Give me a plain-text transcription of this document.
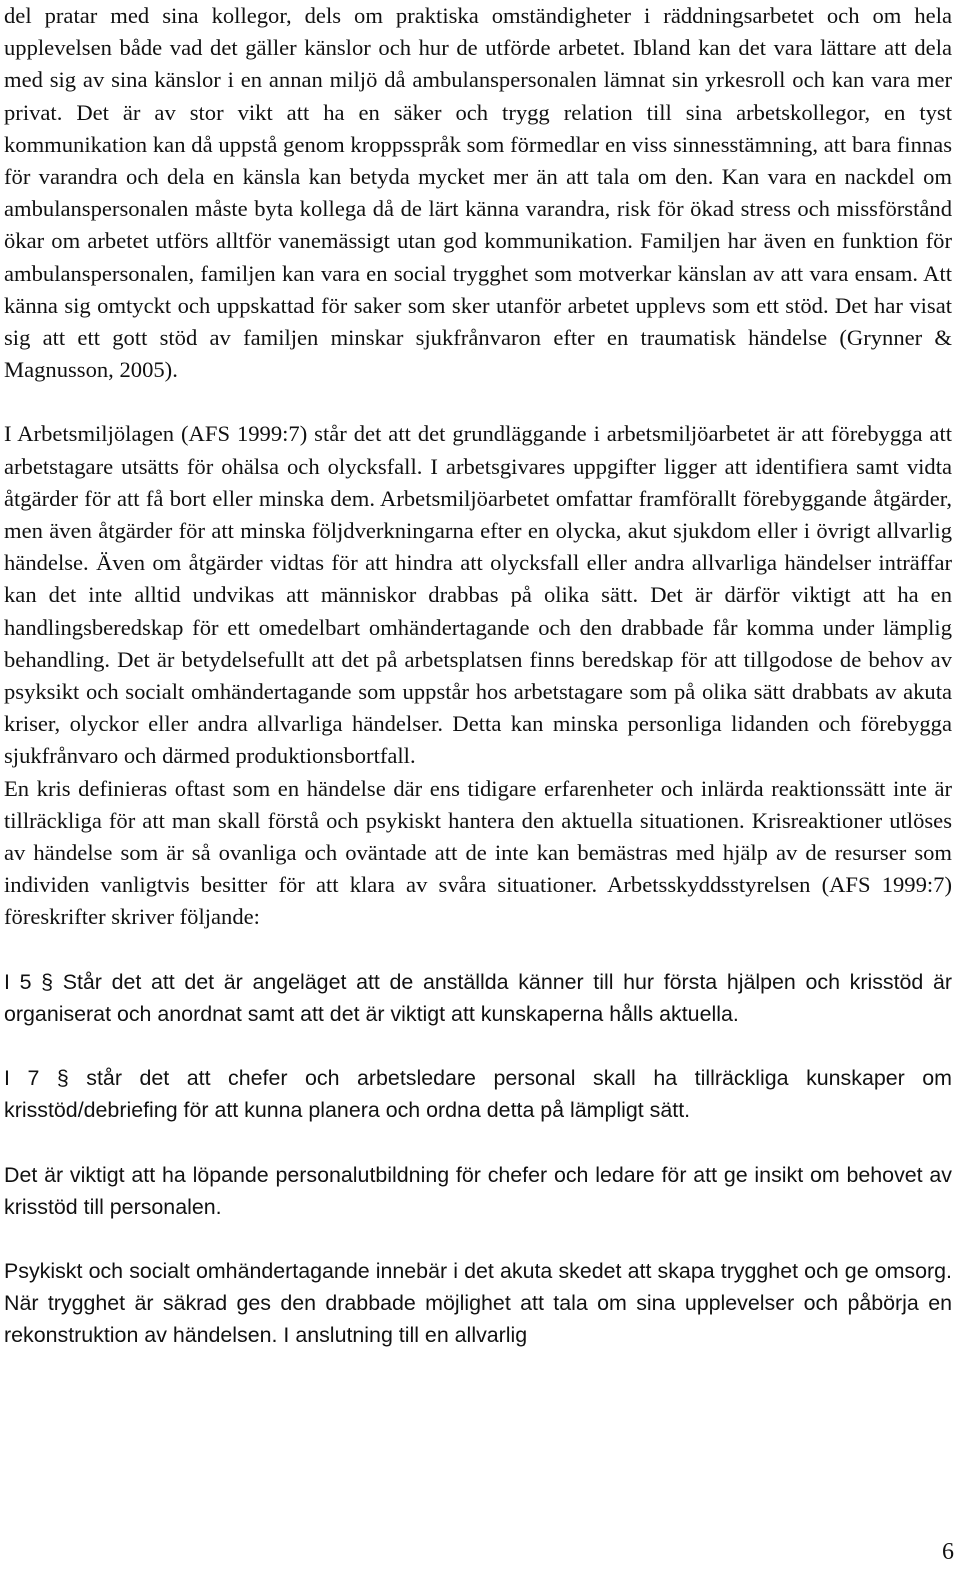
del pratar med sina kollegor, dels om praktiska omständigheter i räddningsarbetet och om hela upplevelsen både vad det gäller känslor och hur de utförde arbetet. Ibland kan det vara lättare att dela med sig av sina känslor i en annan miljö då ambulanspersonalen lämnat sin yrkesroll och kan vara mer privat. Det är av stor vikt att ha en säker och trygg relation till sina arbetskollegor, en tyst kommunikation kan då uppstå genom kroppsspråk som förmedlar en viss sinnesstämning, att bara finnas för varandra och dela en känsla kan betyda mycket mer än att tala om den. Kan vara en nackdel om ambulanspersonalen måste byta kollega då de lärt känna varandra, risk för ökad stress och missförstånd ökar om arbetet utförs alltför vanemässigt utan god kommunikation. Familjen har även en funktion för ambulanspersonalen, familjen kan vara en social trygghet som motverkar känslan av att vara ensam. Att känna sig omtyckt och uppskattad för saker som sker utanför arbetet upplevs som ett stöd. Det har visat sig att ett gott stöd av familjen minskar sjukfrånvaron efter en traumatisk händelse (Grynner & Magnusson, 2005).

I Arbetsmiljölagen (AFS 1999:7) står det att det grundläggande i arbetsmiljöarbetet är att förebygga att arbetstagare utsätts för ohälsa och olycksfall. I arbetsgivares uppgifter ligger att identifiera samt vidta åtgärder för att få bort eller minska dem. Arbetsmiljöarbetet omfattar framförallt förebyggande åtgärder, men även åtgärder för att minska följdverkningarna efter en olycka, akut sjukdom eller i övrigt allvarlig händelse. Även om åtgärder vidtas för att hindra att olycksfall eller andra allvarliga händelser inträffar kan det inte alltid undvikas att människor drabbas på olika sätt. Det är därför viktigt att ha en handlingsberedskap för ett omedelbart omhändertagande och den drabbade får komma under lämplig behandling. Det är betydelsefullt att det på arbetsplatsen finns beredskap för att tillgodose de behov av psyksikt och socialt omhändertagande som uppstår hos arbetstagare som på olika sätt drabbats av akuta kriser, olyckor eller andra allvarliga händelser. Detta kan minska personliga lidanden och förebygga sjukfrånvaro och därmed produktionsbortfall.

En kris definieras oftast som en händelse där ens tidigare erfarenheter och inlärda reaktionssätt inte är tillräckliga för att man skall förstå och psykiskt hantera den aktuella situationen. Krisreaktioner utlöses av händelse som är så ovanliga och oväntade att de inte kan bemästras med hjälp av de resurser som individen vanligtvis besitter för att klara av svåra situationer. Arbetsskyddsstyrelsen (AFS 1999:7) föreskrifter skriver följande:

I 5 § Står det att det är angeläget att de anställda känner till hur första hjälpen och krisstöd är organiserat och anordnat samt att det är viktigt att kunskaperna hålls aktuella.

I 7 § står det att chefer och arbetsledare personal skall ha tillräckliga kunskaper om krisstöd/debriefing för att kunna planera och ordna detta på lämpligt sätt.

Det är viktigt att ha löpande personalutbildning för chefer och ledare för att ge insikt om behovet av krisstöd till personalen.

Psykiskt och socialt omhändertagande innebär i det akuta skedet att skapa trygghet och ge omsorg. När trygghet är säkrad ges den drabbade möjlighet att tala om sina upplevelser och påbörja en rekonstruktion av händelsen. I anslutning till en allvarlig

6
